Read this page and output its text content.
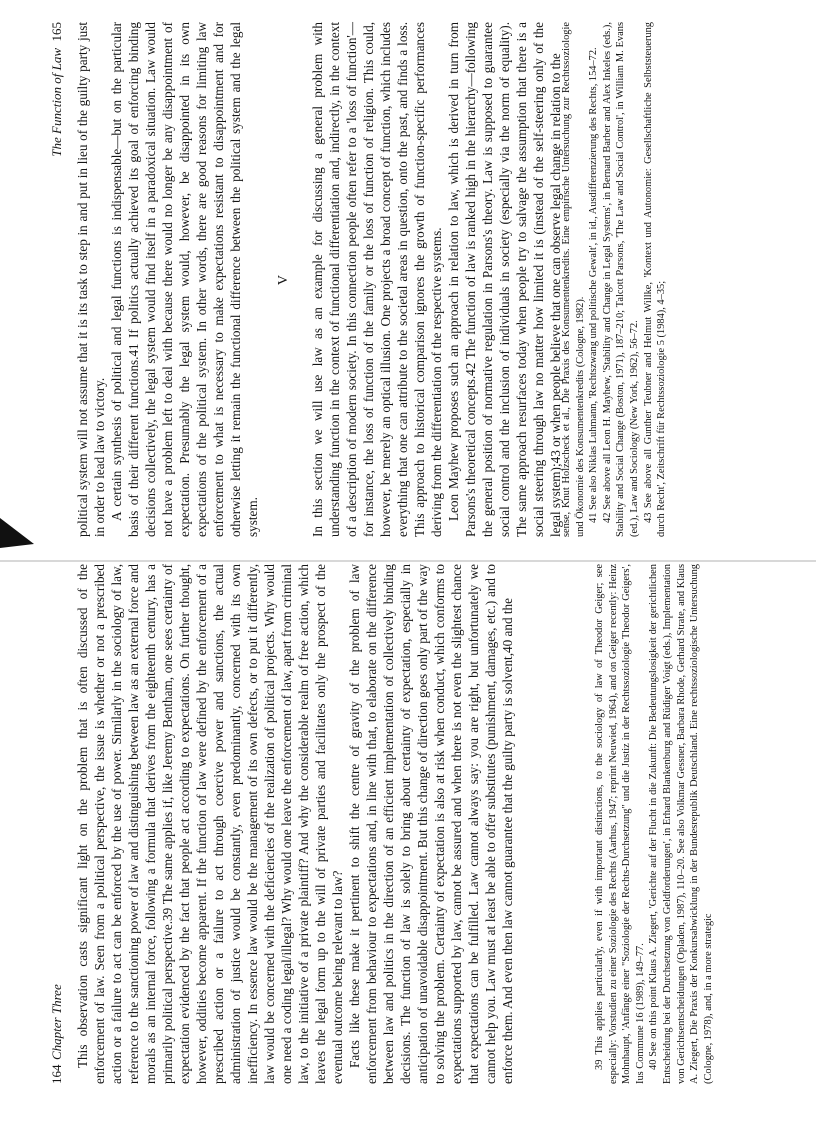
164
Chapter Three This observation casts significant light on the problem that is often discussed of the enforcement of law. Seen from a political perspective, the issue is whether or not a prescribed action or a failure to act can be enforced by the use of power. Similarly in the sociology of law, reference to the sanctioning power of law and distinguishing between law as an external force and morals as an internal force, following a formula that derives from the eighteenth century, has a primarily political perspective.39 The same applies if, like Jeremy Bentham, one sees certainty of expectation evidenced by the fact that people act according to expectations. On further thought, however, oddities become apparent. If the function of law were defined by the enforcement of a prescribed action or a failure to act through coercive power and sanctions, the actual administration of justice would be constantly, even predominantly, concerned with its own inefficiency. In essence law would be the management of its own defects, or to put it differently, law would be concerned with the deficiencies of the realization of political projects. Why would one need a coding legal/illegal? Why would one leave the enforcement of law, apart from criminal law, to the initiative of a private plaintiff? And why the considerable realm of free action, which leaves the legal form up to the will of private parties and facilitates only the prospect of the eventual outcome being relevant to law? Facts like these make it pertinent to shift the centre of gravity of the problem of law enforcement from behaviour to expectations and, in line with that, to elaborate on the difference between law and politics in the direction of an efficient implementation of collectively binding decisions. The function of law is solely to bring about certainty of expectation, especially in anticipation of unavoidable disappointment. But this change of direction goes only part of the way to solving the problem. Certainty of expectation is also at risk when conduct, which conforms to expectations supported by law, cannot be assured and when there is not even the slightest chance that expectations can be fulfilled. Law cannot always say: you are right, but unfortunately we cannot help you. Law must at least be able to offer substitutes (punishment, damages, etc.) and to enforce them. And even then law cannot guarantee that the guilty party is solvent,40 and the	39 This applies particularly, even if with important distinctions, to the sociology of law of Theodor Geiger; see especially: Vorstudien zu einer Soziologie des Rechts (Aarhus, 1947; reprint Neuwied, 1964), and on Geiger recently: Heinz Mohnhaupt, 'Anfänge einer "Soziologie der Rechts-Durchsetzung" und die Justiz in der Rechtssoziologie Theodor Geigers', Ius Commune 16 (1989), 149–77. 40 See on this point Klaus A. Ziegert, 'Gerichte auf der Flucht in die Zukunft: Die Bedeutungslosigkeit der gerichtlichen Entscheidung bei der Durchsetzung von Geldforderungen', in Erhard Blankenburg and Rüdiger Voigt (eds.), Implementation von Gerichtsentscheidungen (Opladen, 1987), 110–20. See also Volkmar Gessner, Barbara Rhode, Gerhard Strate, and Klaus A. Ziegert, Die Praxis der Konkursabwicklung in der Bundesrepublik Deutschland. Eine rechtssoziologische Untersuchung (Cologne, 1978), and, in a more strategic

The Function of Law
165 political system will not assume that it is its task to step in and put in lieu of the guilty party just in order to lead law to victory. A certain synthesis of political and legal functions is indispensable—but on the particular basis of their different functions.41 If politics actually achieved its goal of enforcing binding decisions collectively, the legal system would find itself in a paradoxical situation. Law would not have a problem left to deal with because there would no longer be any disappointment of expectation. Presumably the legal system would, however, be disappointed in its own expectations of the political system. In other words, there are good reasons for limiting law enforcement to what is necessary to make expectations resistant to disappointment and for otherwise letting it remain the functional difference between the political system and the legal system.

V In this section we will use law as an example for discussing a general problem with understanding function in the context of functional differentiation and, indirectly, in the context of a description of modern society. In this connection people often refer to a 'loss of function'—for instance, the loss of function of the family or the loss of function of religion. This could, however, be merely an optical illusion. One projects a broad concept of function, which includes everything that one can attribute to the societal areas in question, onto the past, and finds a loss. This approach to historical comparison ignores the growth of function-specific performances deriving from the differentiation of the respective systems. Leon Mayhew proposes such an approach in relation to law, which is derived in turn from Parsons's theoretical concepts.42 The function of law is ranked high in the hierarchy—following the general position of normative regulation in Parsons's theory. Law is supposed to guarantee social control and the inclusion of individuals in society (especially via the norm of equality). The same approach resurfaces today when people try to salvage the assumption that there is a social steering through law no matter how limited it is (instead of the self-steering only of the legal system);43 or when people believe that one can observe legal change in relation to the

sense, Knut Holzscheck et al., Die Praxis des Konsumentenkredits. Eine empirische Untersuchung zur Rechtssoziologie und Ökonomie des Konsumentenkredits (Cologne, 1982). 41 See also Niklas Luhmann, 'Rechtszwang und politische Gewalt', in id., Ausdifferenzierung des Rechts, 154–72. 42 See above all Leon H. Mayhew, 'Stability and Change in Legal Systems', in Bernard Barber and Alex Inkeles (eds.), Stability and Social Change (Boston, 1971), 187–210; Talcott Parsons, 'The Law and Social Control', in William M. Evans (ed.), Law and Sociology (New York, 1962), 56–72. 43 See above all Gunther Teubner and Helmut Willke, 'Kontext und Autonomie: Gesellschaftliche Selbststeuerung durch Recht', Zeitschrift für Rechtssoziologie 5 (1984), 4–35;
